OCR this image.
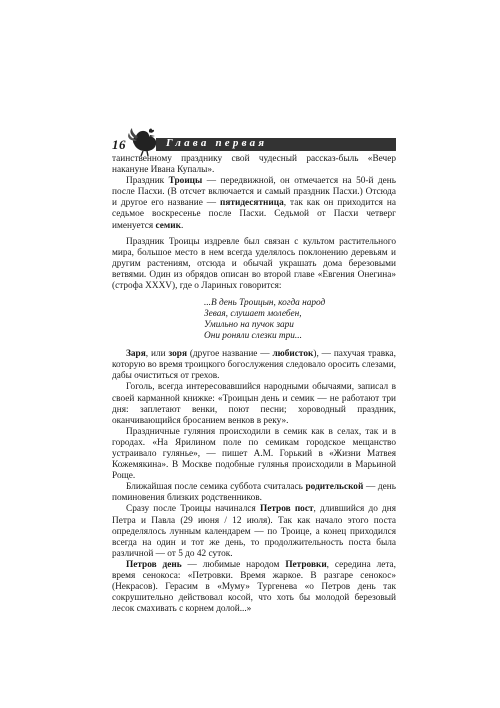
16	Глава первая

таинственному празднику свой чудесный рассказ-быль «Вечер накануне Ивана Купалы».

Праздник Троицы — передвижной, он отмечается на 50-й день после Пасхи. (В отсчет включается и самый праздник Пасхи.) Отсюда и другое его название — пятидесятница, так как он приходится на седьмое воскресенье после Пасхи. Седьмой от Пасхи четверг именуется семик.

Праздник Троицы издревле был связан с культом растительного мира, большое место в нем всегда уделялось поклонению деревьям и другим растениям, отсюда и обычай украшать дома березовыми ветвями. Один из обрядов описан во второй главе «Евгения Онегина» (строфа XXXV), где о Лариных говорится:

...В день Троицын, когда народ
Зевая, слушает молебен,
Умильно на пучок зари
Они роняли слезки три...

Заря, или зоря (другое название — любисток), — пахучая травка, которую во время троицкого богослужения следовало оросить слезами, дабы очиститься от грехов.

Гоголь, всегда интересовавшийся народными обычаями, записал в своей карманной книжке: «Троицын день и семик — не работают три дня: заплетают венки, поют песни; хороводный праздник, оканчивающийся бросанием венков в реку».

Праздничные гуляния происходили в семик как в селах, так и в городах. «На Ярилином поле по семикам городское мещанство устраивало гулянье», — пишет А.М. Горький в «Жизни Матвея Кожемякина». В Москве подобные гулянья происходили в Марьиной Роще.

Ближайшая после семика суббота считалась родительской — день поминовения близких родственников.

Сразу после Троицы начинался Петров пост, длившийся до дня Петра и Павла (29 июня / 12 июля). Так как начало этого поста определялось лунным календарем — по Троице, а конец приходился всегда на один и тот же день, то продолжительность поста была различной — от 5 до 42 суток.

Петров день — любимые народом Петровки, середина лета, время сенокоса: «Петровки. Время жаркое. В разгаре сенокос» (Некрасов). Герасим в «Муму» Тургенева «о Петров день так сокрушительно действовал косой, что хоть бы молодой березовый лесок смахивать с корнем долой...»
